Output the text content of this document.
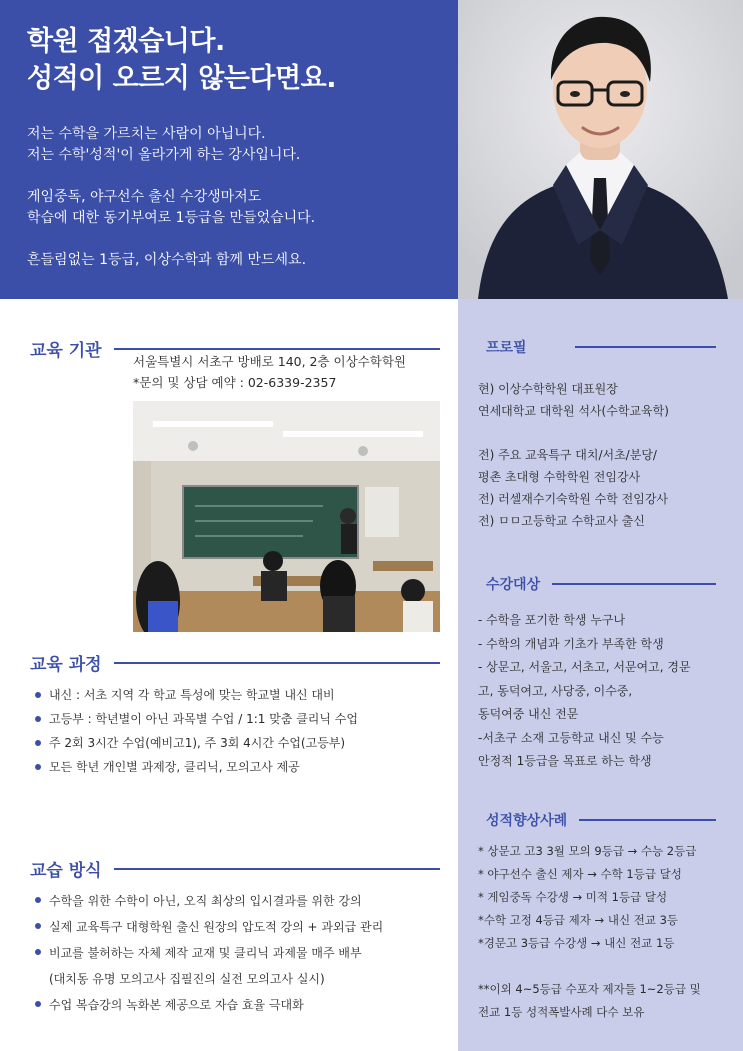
학원 접겠습니다.
성적이 오르지 않는다면요.

저는 수학을 가르치는 사람이 아닙니다.

저는 수학'성적'이 올라가게 하는 강사입니다.

게임중독, 야구선수 출신 수강생마저도

학습에 대한 동기부여로 1등급을 만들었습니다.

흔들림없는 1등급, 이상수학과 함께 만드세요.

교육 기관

서울특별시 서초구 방배로 140, 2층 이상수학학원

*문의 및 상담 예약 : 02-6339-2357

교육 과정
내신 : 서초 지역 각 학교 특성에 맞는 학교별 내신 대비
고등부 : 학년별이 아닌 과목별 수업 / 1:1 맞춤 클리닉 수업
주 2회 3시간 수업(예비고1), 주 3회 4시간 수업(고등부)
모든 학년 개인별 과제장, 클리닉, 모의고사 제공
교습 방식
수학을 위한 수학이 아닌, 오직 최상의 입시결과를 위한 강의
실제 교육특구 대형학원 출신 원장의 압도적 강의 + 과외급 관리
비교를 불허하는 자체 제작 교재 및 클리닉 과제물 매주 배부
(대치동 유명 모의고사 집필진의 실전 모의고사 실시)
수업 복습강의 녹화본 제공으로 자습 효율 극대화
프로필

현) 이상수학학원 대표원장

연세대학교 대학원 석사(수학교육학)

전) 주요 교육특구 대치/서초/분당/

평촌 초대형 수학학원 전임강사

전) 러셀재수기숙학원 수학 전임강사

전) ㅁㅁ고등학교 수학교사 출신

수강대상

- 수학을 포기한 학생 누구나

- 수학의 개념과 기초가 부족한 학생

- 상문고, 서울고, 서초고, 서문여고, 경문

고, 동덕여고, 사당중, 이수중,

동덕여중 내신 전문

-서초구 소재 고등학교 내신 및 수능

안정적 1등급을 목표로 하는 학생

성적향상사례

* 상문고 고3 3월 모의 9등급 → 수능 2등급

* 야구선수 출신 제자 → 수학 1등급 달성

* 게임중독 수강생 → 미적 1등급 달성

*수학 고정 4등급 제자 → 내신 전교 3등

*경문고 3등급 수강생 → 내신 전교 1등

**이외 4~5등급 수포자 제자들 1~2등급 및

전교 1등 성적폭발사례 다수 보유
